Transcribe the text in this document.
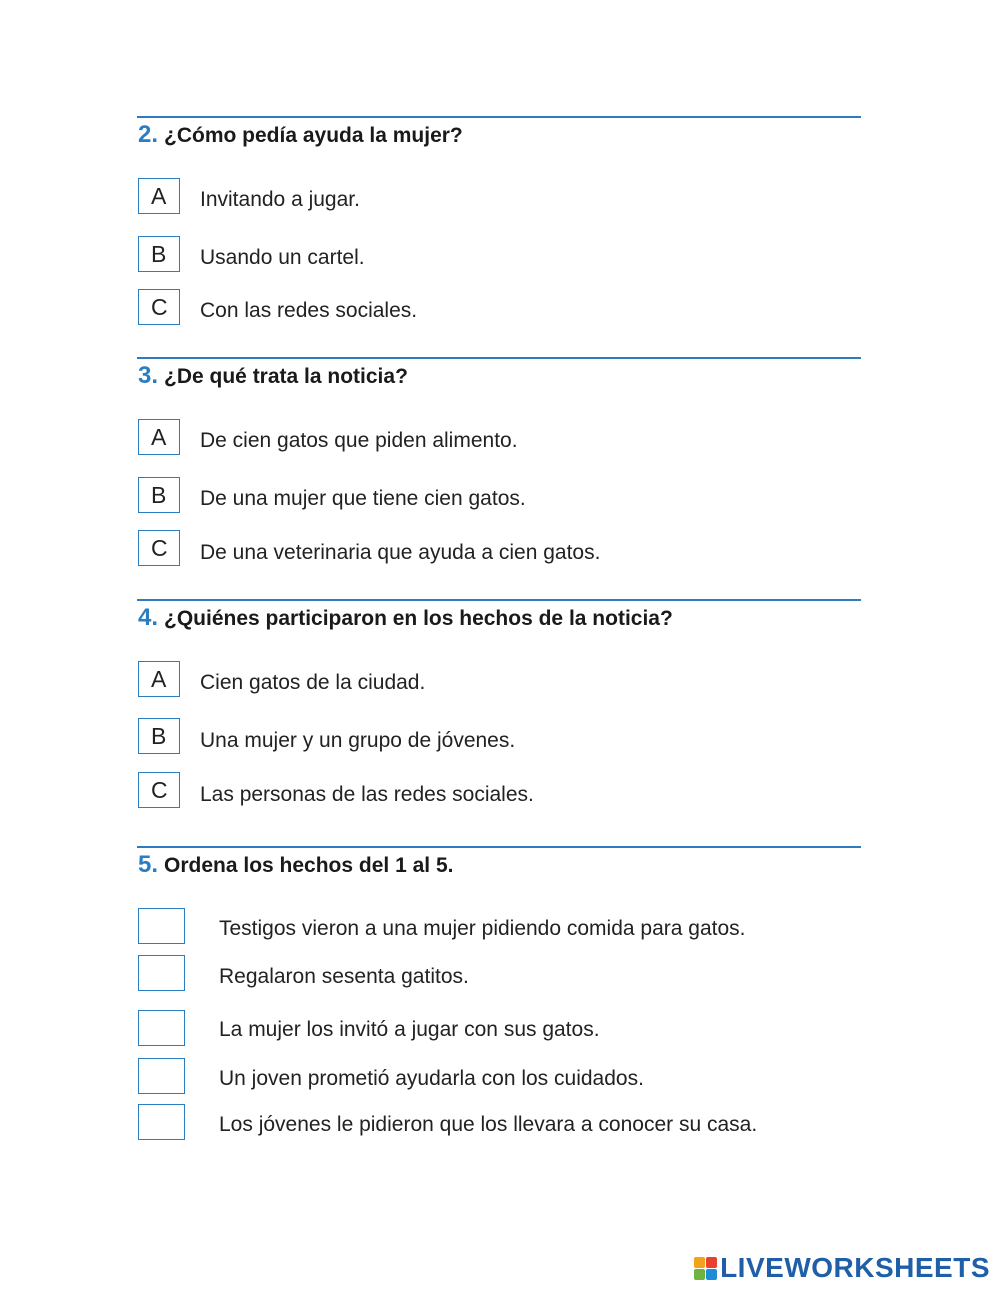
2. ¿Cómo pedía ayuda la mujer?
A	Invitando a jugar.
B	Usando un cartel.
C	Con las redes sociales.
3. ¿De qué trata la noticia?
A	De cien gatos que piden alimento.
B	De una mujer que tiene cien gatos.
C	De una veterinaria que ayuda a cien gatos.
4. ¿Quiénes participaron en los hechos de la noticia?
A	Cien gatos de la ciudad.
B	Una mujer y un grupo de jóvenes.
C	Las personas de las redes sociales.
5. Ordena los hechos del 1 al 5.
Testigos vieron a una mujer pidiendo comida para gatos.
Regalaron sesenta gatitos.
La mujer los invitó a jugar con sus gatos.
Un joven prometió ayudarla con los cuidados.
Los jóvenes le pidieron que los llevara a conocer su casa.
LIVEWORKSHEETS
